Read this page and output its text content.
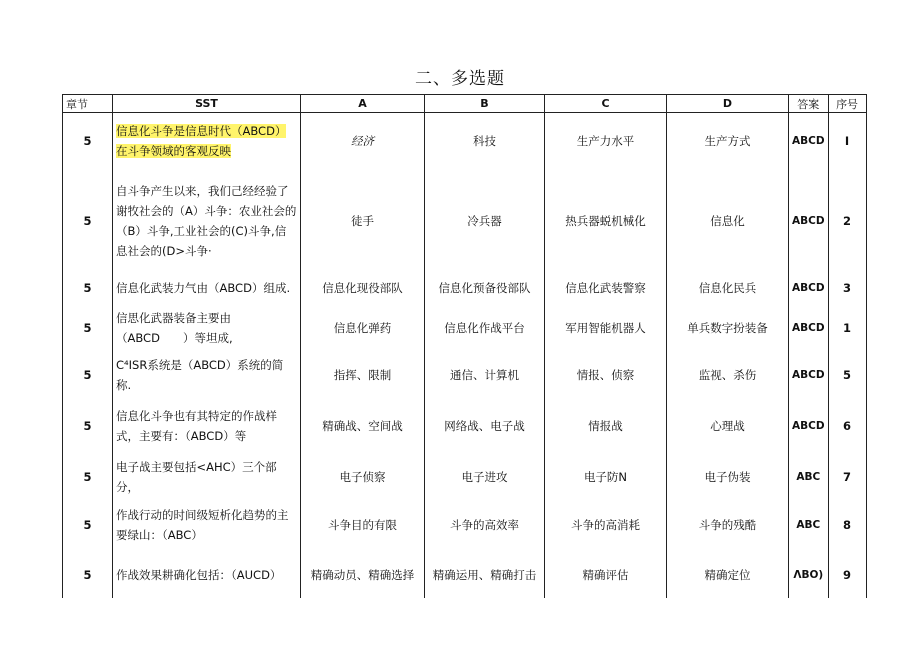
二、多选题
章节	SST	A	B	C	D	答案	序号
5	信息化斗争是信息时代（ABCD）在斗争领域的客观反映	经济	科技	生产力水平	生产方式	ABCD	I
5	自斗争产生以来，我们己经经验了谢牧社会的（A）斗争：农业社会的（B）斗争,工业社会的(C)斗争,信息社会的(D>斗争·	徒手	冷兵器	热兵器蜕机械化	信息化	ABCD	2
5	信息化武装力气由（ABCD）组成.	信息化现役部队	信息化预备役部队	信息化武装警察	信息化民兵	ABCD	3
5	信思化武器装备主要由（ABCD　　）等坦成,	信息化弹药	信息化作战平台	军用智能机器人	单兵数字扮装备	ABCD	1
5	C⁴ISR系统是（ABCD）系统的简称.	指挥、限制	通信、计算机	情报、侦察	监视、杀伤	ABCD	5
5	信息化斗争也有其特定的作战样式，主要有：（ABCD）等	精确战、空间战	网络战、电子战	情报战	心理战	ABCD	6
5	电子战主要包括<AHC）三个部分，	电子侦察	电子进攻	电子防N	电子伪装	ABC	7
5	作战行动的时间级短析化趋势的主要绿山：（ABC）	斗争目的有限	斗争的高效率	斗争的高消耗	斗争的残酷	ABC	8
5	作战效果耕确化包括：（AUCD）	精确动员、精确选择	精确运用、精确打击	精确评估	精确定位	ΛBO)	9
